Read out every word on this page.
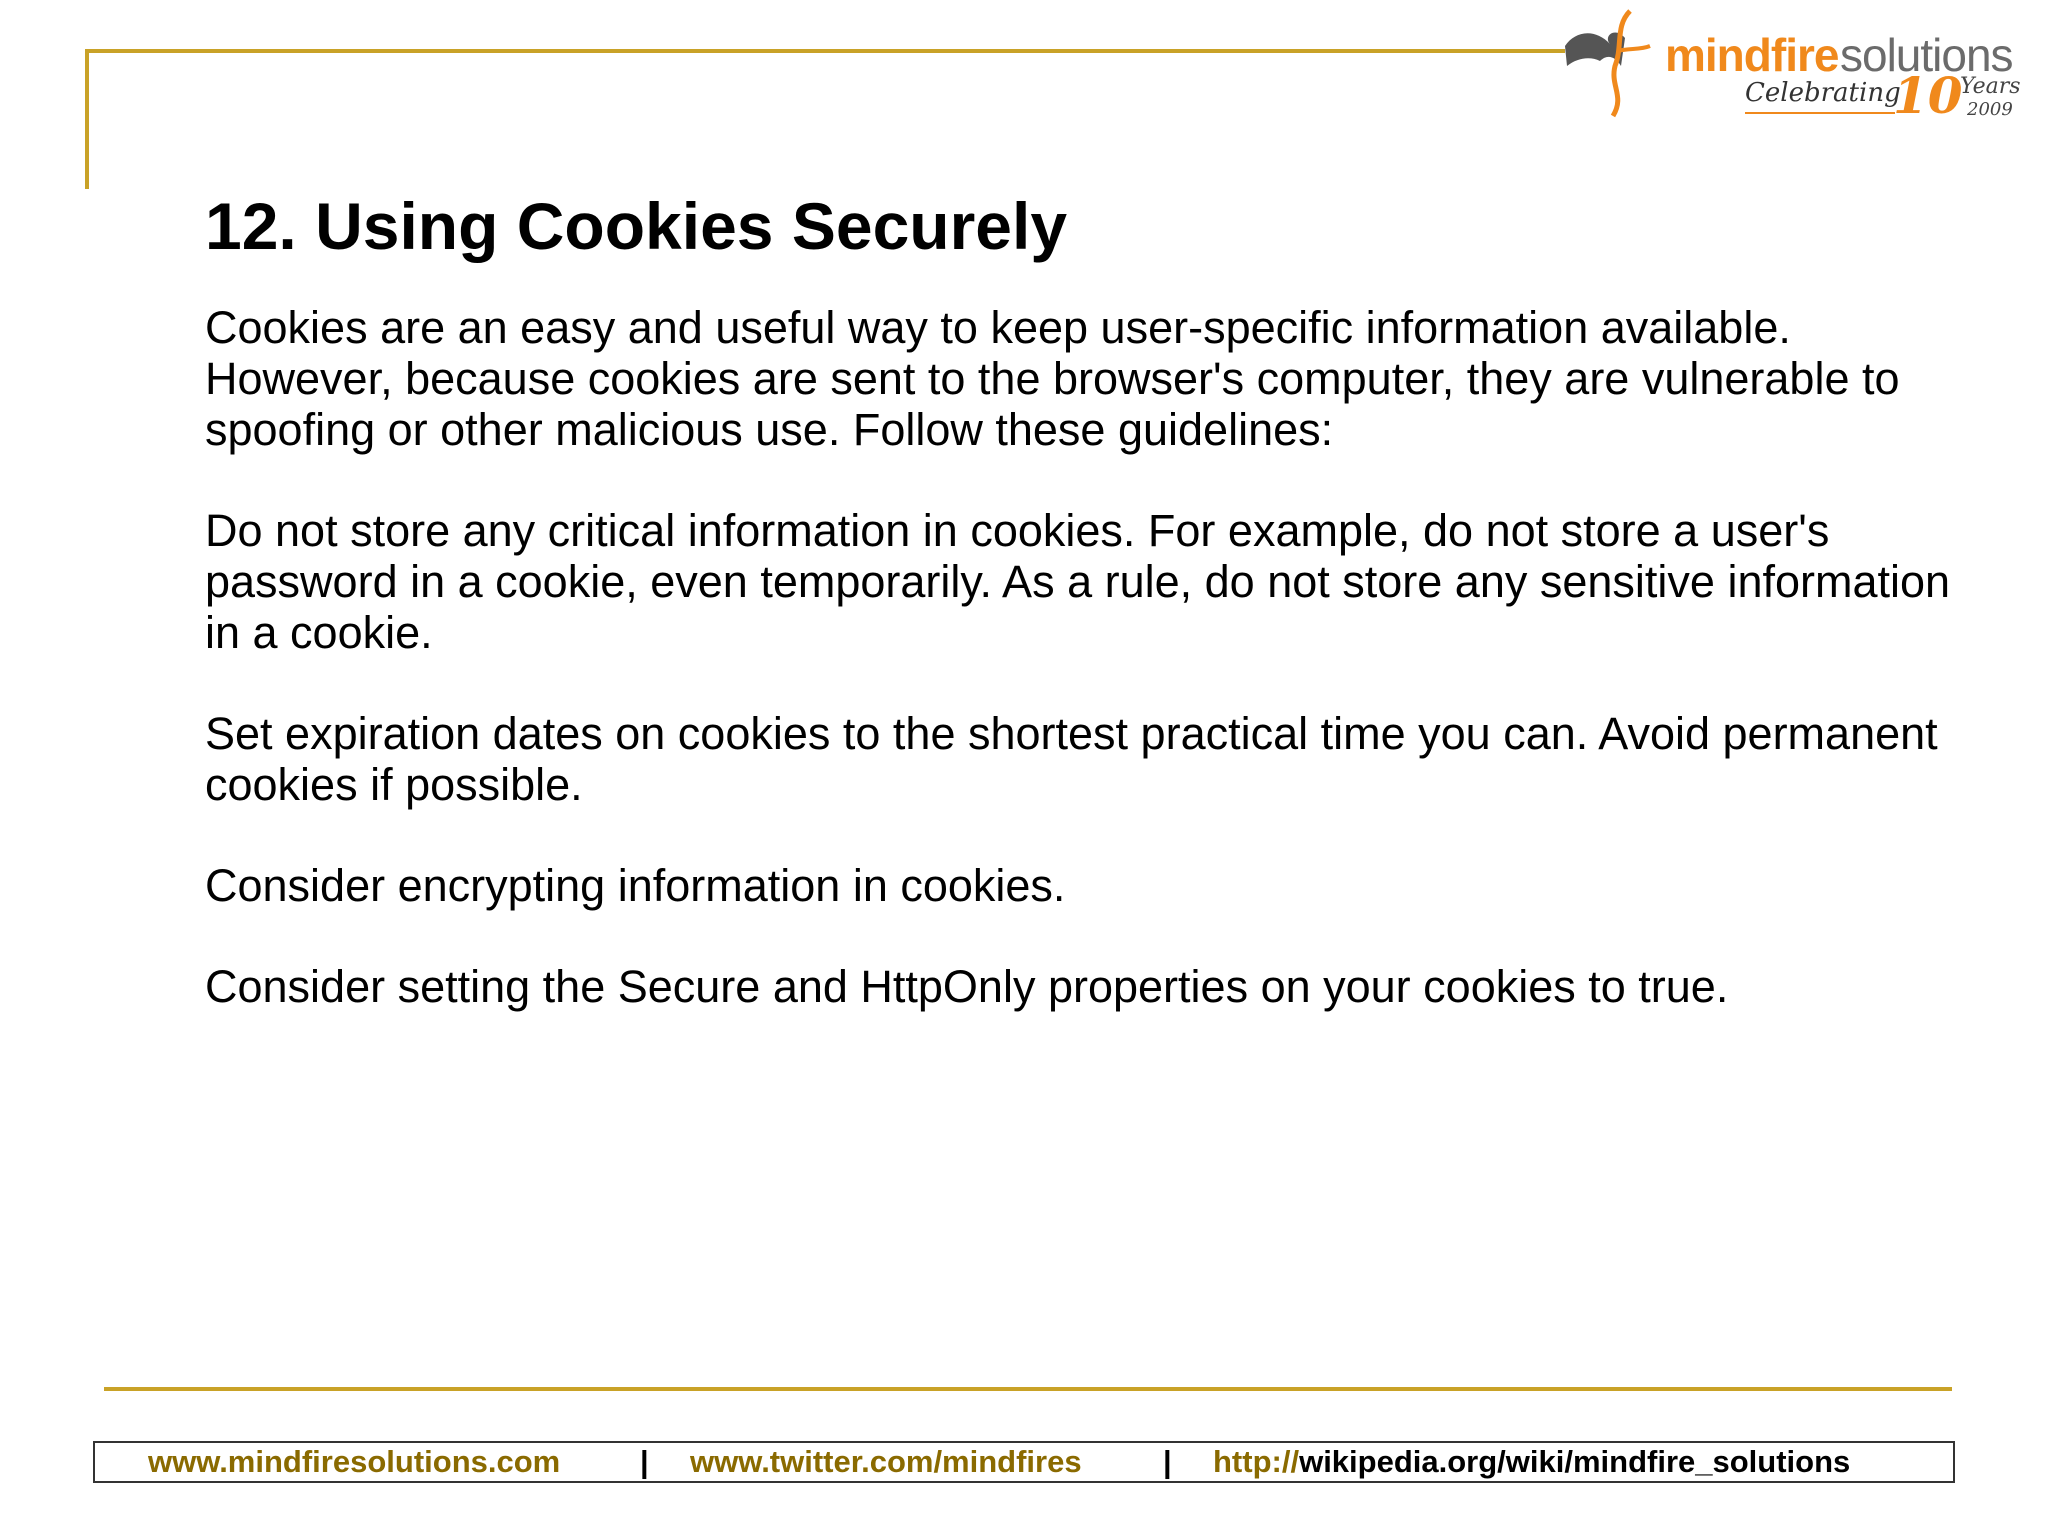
mindfire solutions
Celebrating
10
Years
2009
12. Using Cookies Securely

Cookies are an easy and useful way to keep user-specific information available. However, because cookies are sent to the browser's computer, they are vulnerable to spoofing or other malicious use. Follow these guidelines:

Do not store any critical information in cookies. For example, do not store a user's password in a cookie, even temporarily. As a rule, do not store any sensitive information in a cookie.

Set expiration dates on cookies to the shortest practical time you can. Avoid permanent cookies if possible.

Consider encrypting information in cookies.

Consider setting the Secure and HttpOnly properties on your cookies to true.

www.mindfiresolutions.com	| www.twitter.com/mindfires	| http://wikipedia.org/wiki/mindfire_solutions
